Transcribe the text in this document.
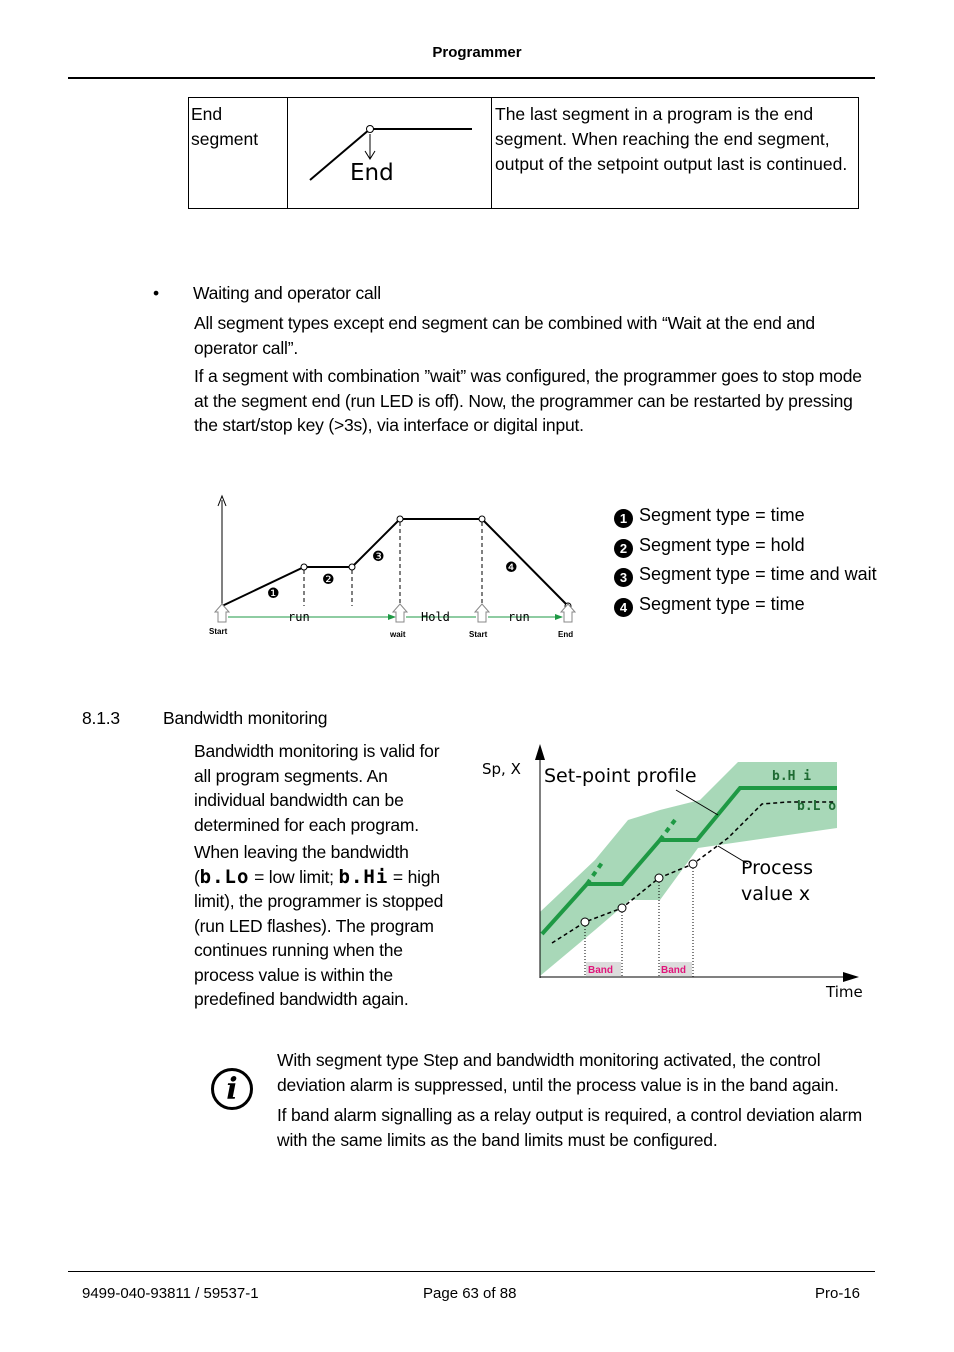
Programmer
End
segment	
End
	The last segment in a program is the end segment. When reaching the end segment, output of the setpoint output last is continued.
• Waiting and operator call
All segment types except end segment can be combined with “Wait at the end and operator call”.
If a segment with combination ”wait” was configured, the programmer goes to stop mode at the segment end (run LED is off). Now, the programmer can be restarted by pressing the start/stop key (>3s), via interface or digital input.
run	Hold	run
Start	wait	Start	End
❶
❷
❸
❹
1 Segment type = time
2 Segment type = hold
3 Segment type = time and wait
4 Segment type = time
8.1.3 Bandwidth monitoring
Bandwidth monitoring is valid for all program segments. An individual bandwidth can be determined for each program.
When leaving the bandwidth (b.Lo = low limit; b.Hi = high limit), the programmer is stopped (run LED flashes). The program continues running when the process value is within the predefined bandwidth again.
Band	Band
Sp, X
Time
Set-point profile
Process
value x
b.H i
b.L o
i
With segment type Step and bandwidth monitoring activated, the control deviation alarm is suppressed, until the process value is in the band again.
If band alarm signalling as a relay output is required, a control deviation alarm with the same limits as the band limits must be configured.
9499-040-93811 / 59537-1	Page 63 of 88	Pro-16
